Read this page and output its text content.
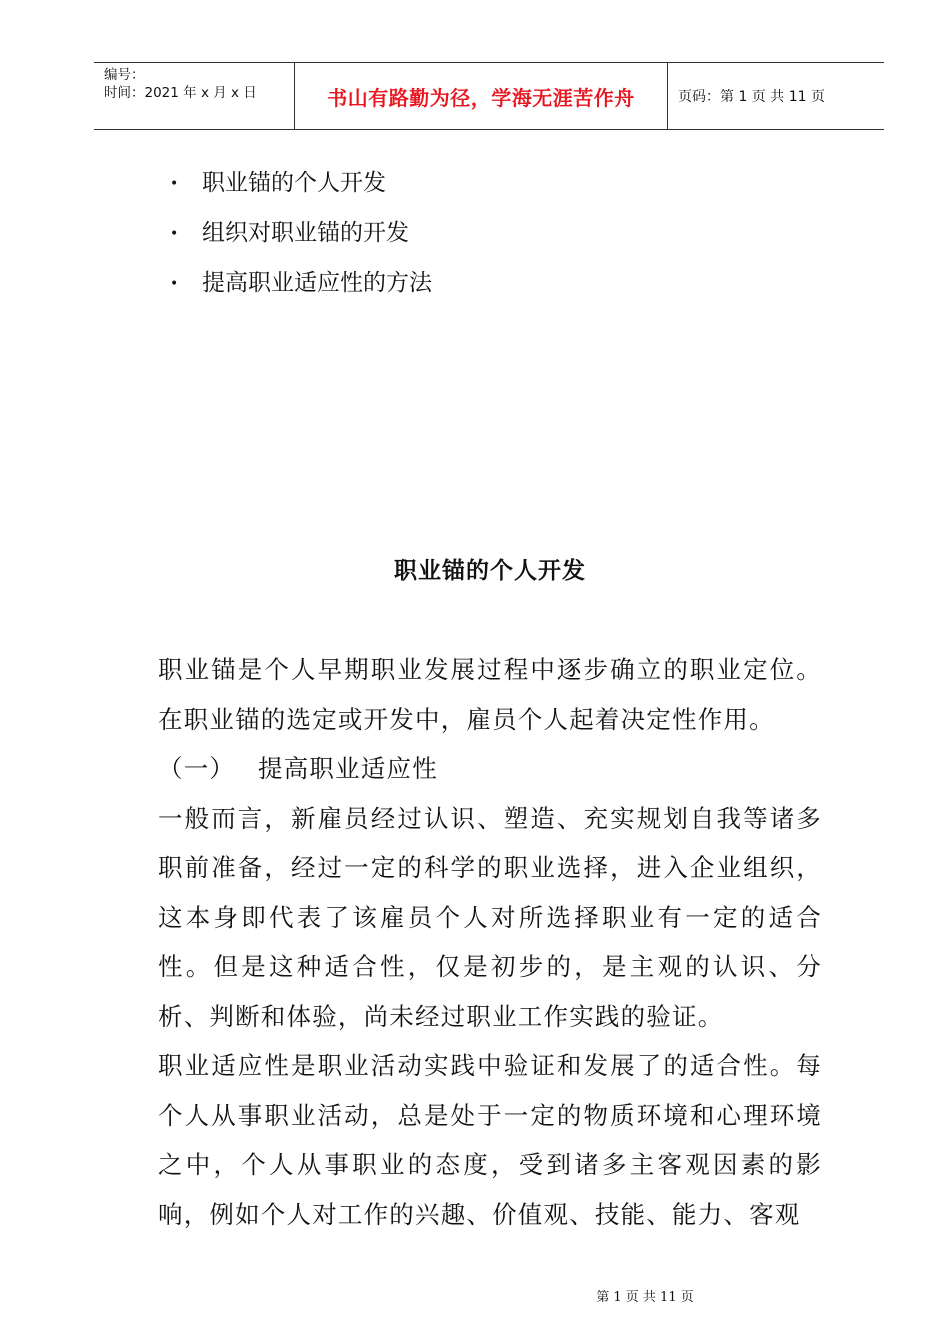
编号：
时间：2021 年 x 月 x 日	书山有路勤为径，学海无涯苦作舟	页码：第 1 页 共 11 页
• 职业锚的个人开发
• 组织对职业锚的开发
• 提高职业适应性的方法
职业锚的个人开发

职业锚是个人早期职业发展过程中逐步确立的职业定位。在职业锚的选定或开发中，雇员个人起着决定性作用。

（一） 提高职业适应性

一般而言，新雇员经过认识、塑造、充实规划自我等诸多职前准备，经过一定的科学的职业选择，进入企业组织，这本身即代表了该雇员个人对所选择职业有一定的适合性。但是这种适合性，仅是初步的，是主观的认识、分析、判断和体验，尚未经过职业工作实践的验证。

职业适应性是职业活动实践中验证和发展了的适合性。每个人从事职业活动，总是处于一定的物质环境和心理环境之中，个人从事职业的态度，受到诸多主客观因素的影响，例如个人对工作的兴趣、价值观、技能、能力、客观

第 1 页 共 11 页
